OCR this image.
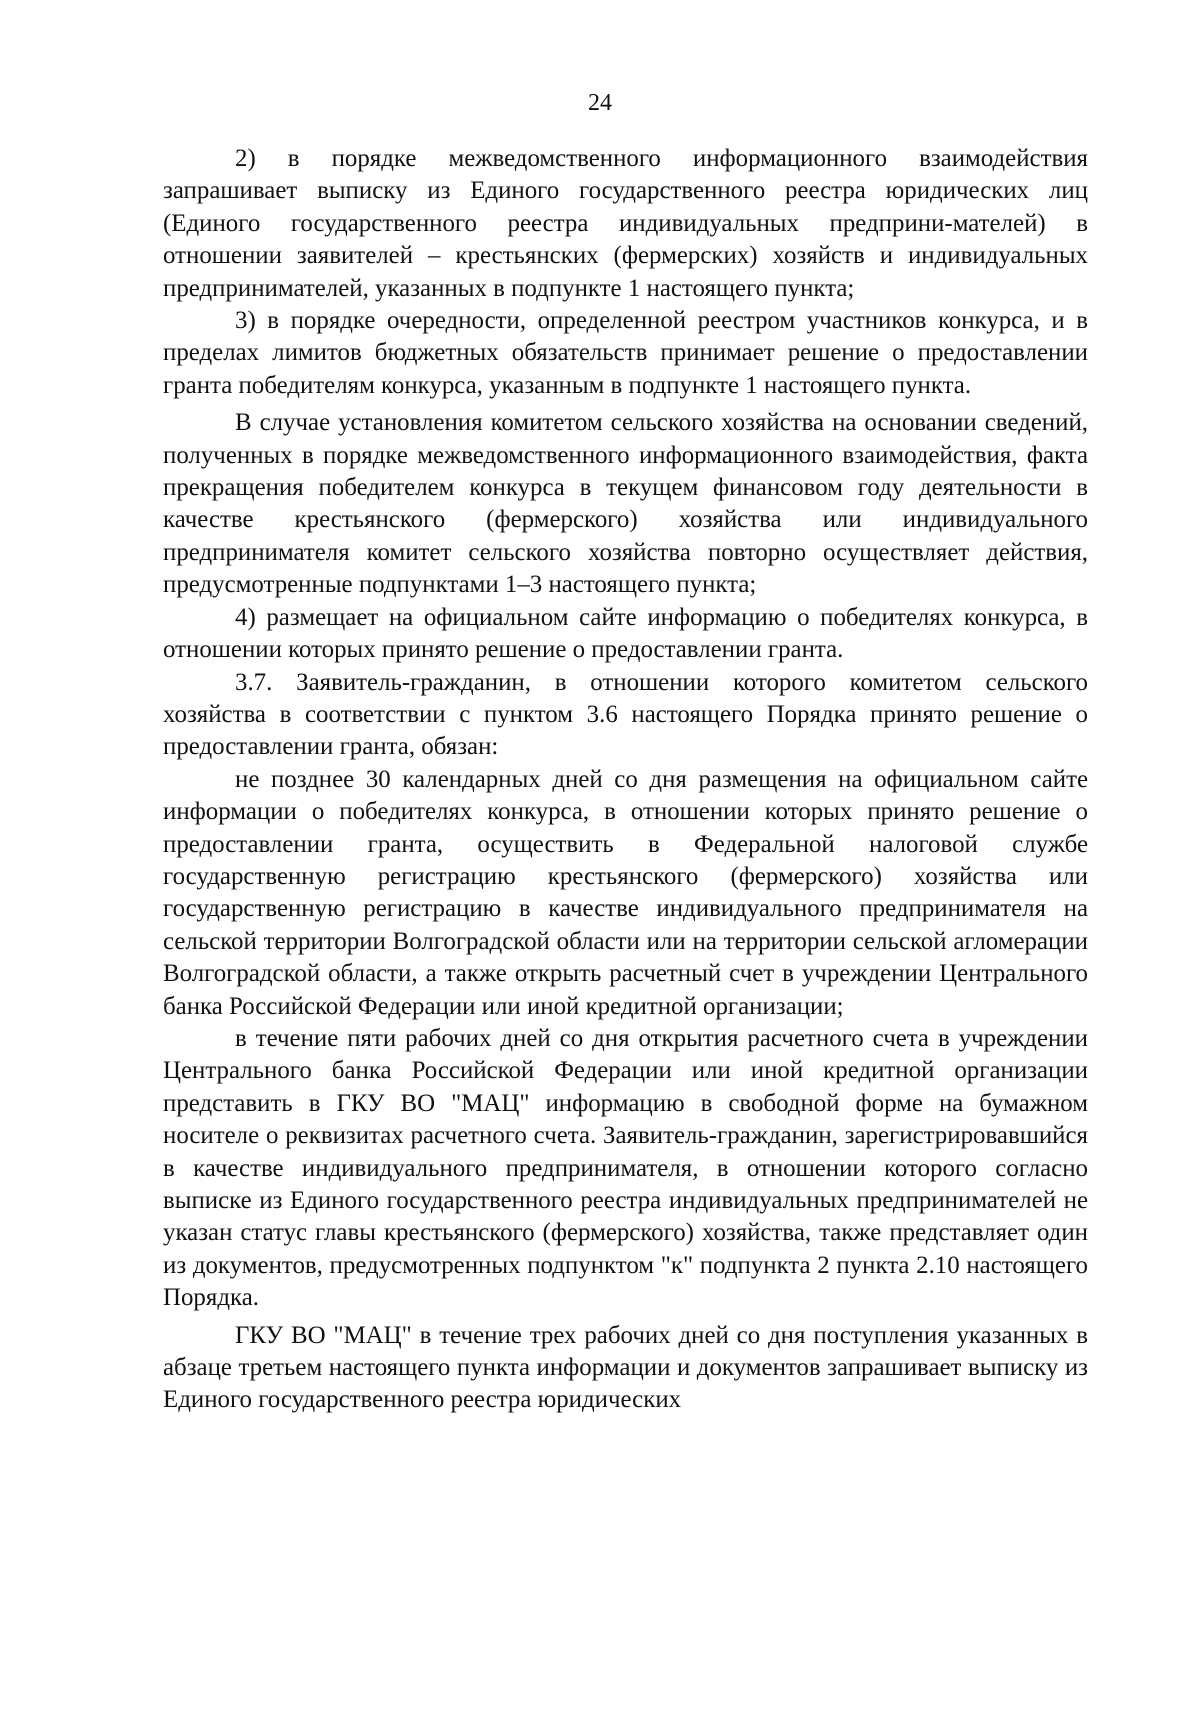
24

2) в порядке межведомственного информационного взаимодействия запрашивает выписку из Единого государственного реестра юридических лиц (Единого государственного реестра индивидуальных предприни-мателей) в отношении заявителей – крестьянских (фермерских) хозяйств и индивидуальных предпринимателей, указанных в подпункте 1 настоящего пункта;

3) в порядке очередности, определенной реестром участников конкурса, и в пределах лимитов бюджетных обязательств принимает решение о предоставлении гранта победителям конкурса, указанным в подпункте 1 настоящего пункта.

В случае установления комитетом сельского хозяйства на основании сведений, полученных в порядке межведомственного информационного взаимодействия, факта прекращения победителем конкурса в текущем финансовом году деятельности в качестве крестьянского (фермерского) хозяйства или индивидуального предпринимателя комитет сельского хозяйства повторно осуществляет действия, предусмотренные подпунктами 1–3 настоящего пункта;

4) размещает на официальном сайте информацию о победителях конкурса, в отношении которых принято решение о предоставлении гранта.

3.7. Заявитель-гражданин, в отношении которого комитетом сельского хозяйства в соответствии с пунктом 3.6 настоящего Порядка принято решение о предоставлении гранта, обязан:

не позднее 30 календарных дней со дня размещения на официальном сайте информации о победителях конкурса, в отношении которых принято решение о предоставлении гранта, осуществить в Федеральной налоговой службе государственную регистрацию крестьянского (фермерского) хозяйства или государственную регистрацию в качестве индивидуального предпринимателя на сельской территории Волгоградской области или на территории сельской агломерации Волгоградской области, а также открыть расчетный счет в учреждении Центрального банка Российской Федерации или иной кредитной организации;

в течение пяти рабочих дней со дня открытия расчетного счета в учреждении Центрального банка Российской Федерации или иной кредитной организации представить в ГКУ ВО "МАЦ" информацию в свободной форме на бумажном носителе о реквизитах расчетного счета. Заявитель-гражданин, зарегистрировавшийся в качестве индивидуального предпринимателя, в отношении которого согласно выписке из Единого государственного реестра индивидуальных предпринимателей не указан статус главы крестьянского (фермерского) хозяйства, также представляет один из документов, предусмотренных подпунктом "к" подпункта 2 пункта 2.10 настоящего Порядка.

ГКУ ВО "МАЦ" в течение трех рабочих дней со дня поступления указанных в абзаце третьем настоящего пункта информации и документов запрашивает выписку из Единого государственного реестра юридических
